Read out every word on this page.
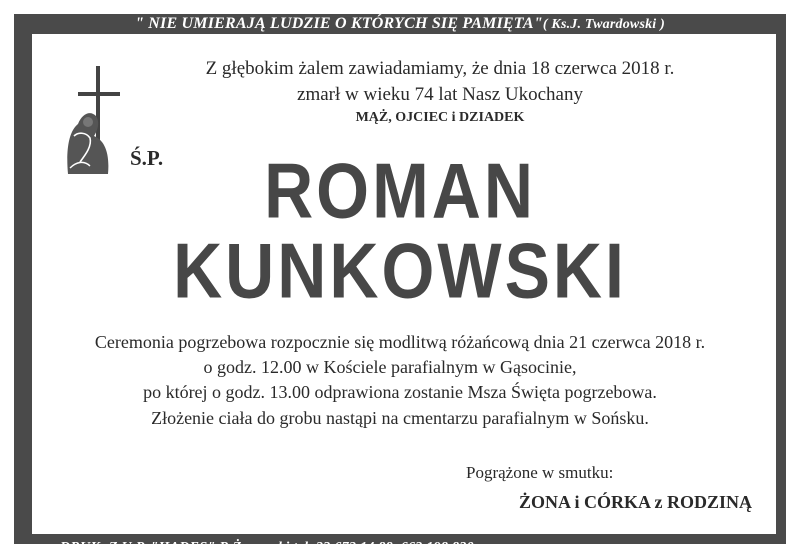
" NIE UMIERAJĄ LUDZIE O KTÓRYCH SIĘ PAMIĘTA"( Ks.J. Twardowski )
Z głębokim żalem zawiadamiamy, że dnia 18 czerwca 2018 r.
zmarł w wieku 74 lat Nasz Ukochany
MĄŻ, OJCIEC i DZIADEK
Ś.P.	ROMAN
KUNKOWSKI
Ceremonia pogrzebowa rozpocznie się modlitwą różańcową dnia 21 czerwca 2018 r.
o godz. 12.00 w Kościele parafialnym w Gąsocinie,
po której o godz. 13.00 odprawiona zostanie Msza Święta pogrzebowa.
Złożenie ciała do grobu nastąpi na cmentarzu parafialnym w Sońsku.
Pogrążone w smutku:
ŻONA i CÓRKA z RODZINĄ
DRUK: Z.U.P. "HADES" R.Żurawski tel. 23 672 14 88, 662 198 820
